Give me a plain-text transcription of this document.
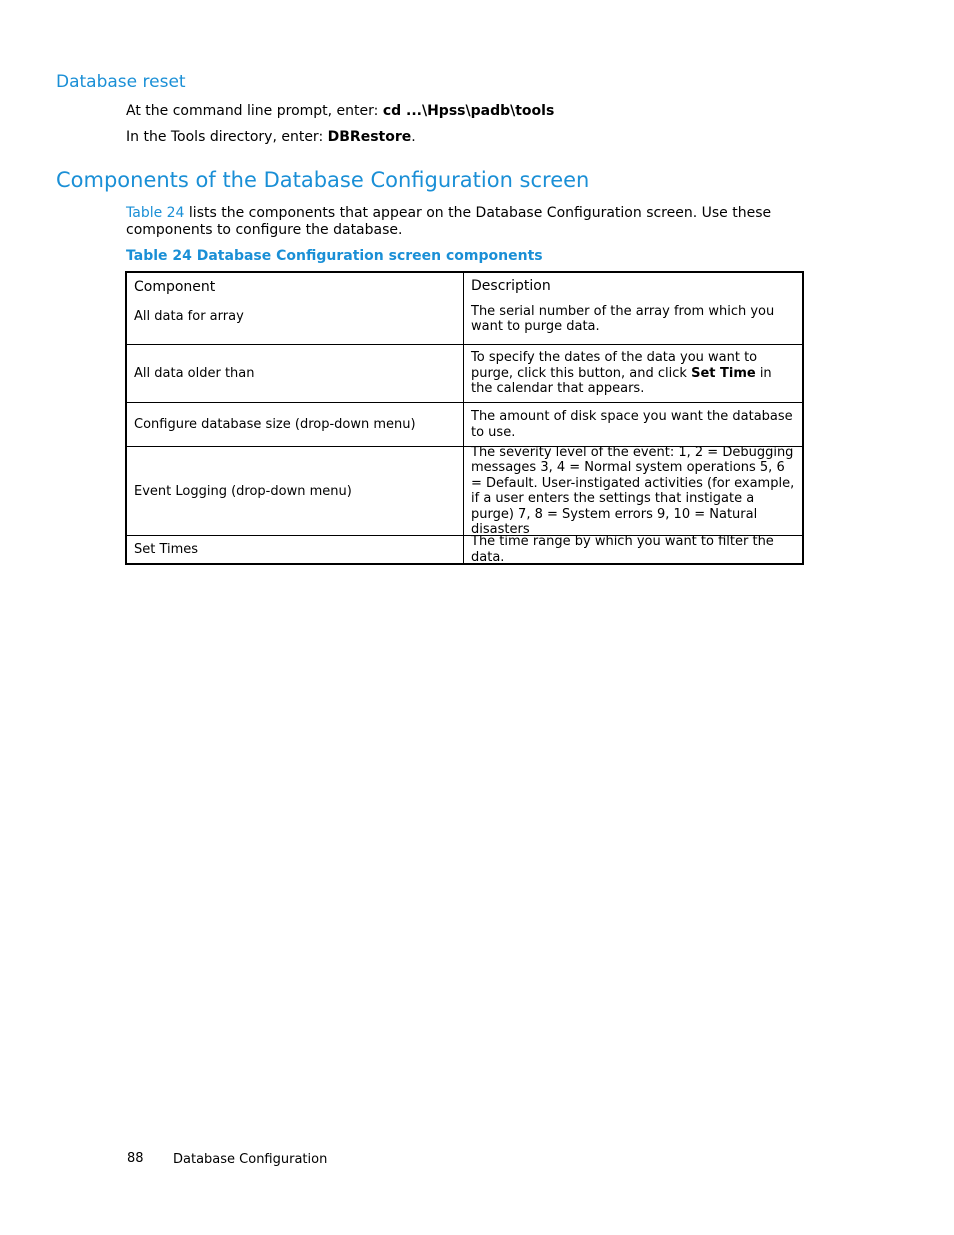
Database reset
At the command line prompt, enter: cd ...\Hpss\padb\tools
In the Tools directory, enter: DBRestore.
Components of the Database Configuration screen

Table 24 lists the components that appear on the Database Configuration screen. Use these components to configure the database.

Table 24 Database Configuration screen components
Component
All data for array
Description
The serial number of the array from which you want to purge data.
All data older than
To specify the dates of the data you want to purge, click this button, and click Set Time in the calendar that appears.
Configure database size (drop-down menu)
The amount of disk space you want the database to use.
Event Logging (drop-down menu)
The severity level of the event: 1, 2 = Debugging messages 3, 4 = Normal system operations 5, 6 = Default. User-instigated activities (for example, if a user enters the settings that instigate a purge) 7, 8 = System errors 9, 10 = Natural disasters
Set Times
The time range by which you want to filter the data.
88 Database Configuration
